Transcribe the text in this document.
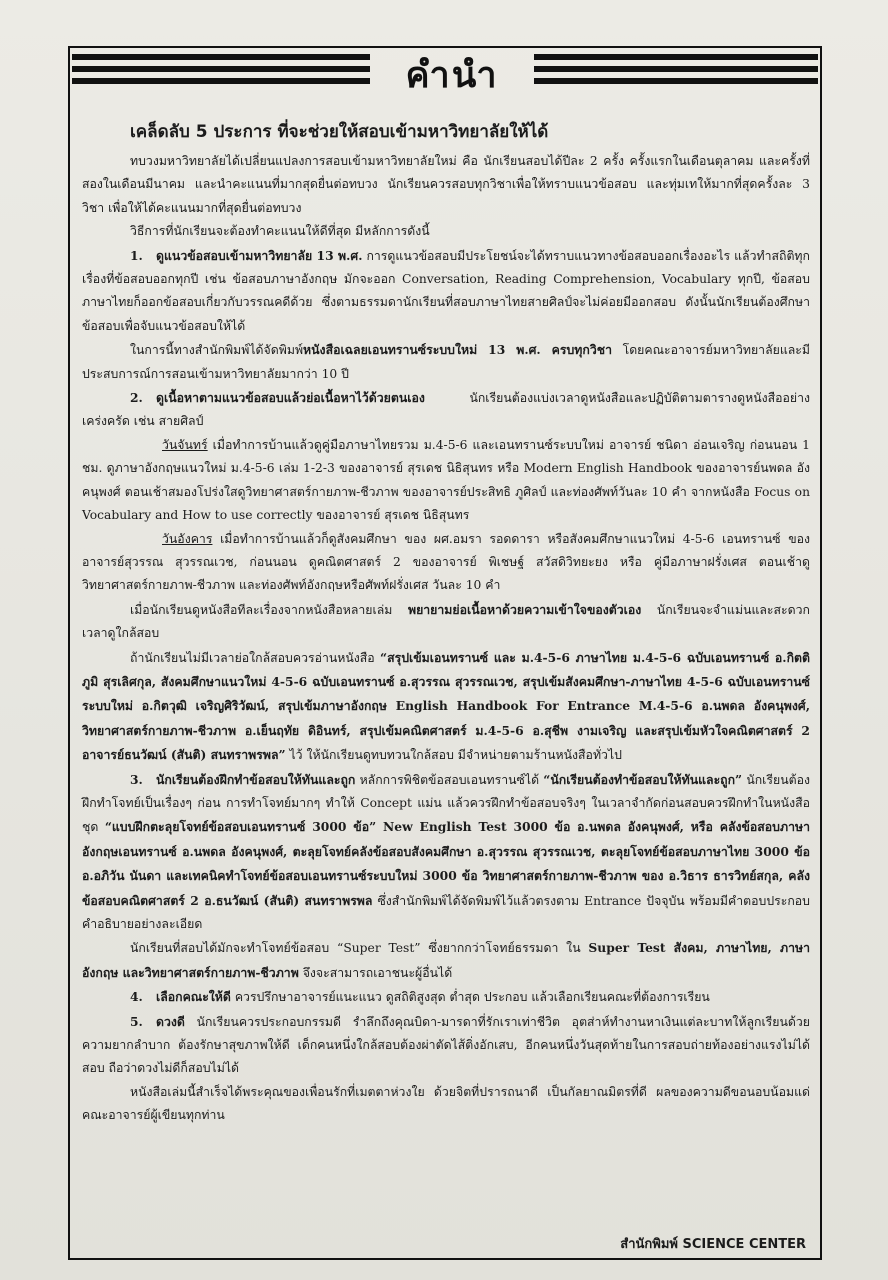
คำนำ
เคล็ดลับ 5 ประการ ที่จะช่วยให้สอบเข้ามหาวิทยาลัยให้ได้

ทบวงมหาวิทยาลัยได้เปลี่ยนแปลงการสอบเข้ามหาวิทยาลัยใหม่ คือ นักเรียนสอบได้ปีละ 2 ครั้ง ครั้งแรกในเดือนตุลาคม และครั้งที่สองในเดือนมีนาคม และนำคะแนนที่มากสุดยื่นต่อทบวง นักเรียนควรสอบทุกวิชาเพื่อให้ทราบแนวข้อสอบ และทุ่มเทให้มากที่สุดครั้งละ 3 วิชา เพื่อให้ได้คะแนนมากที่สุดยื่นต่อทบวง

วิธีการที่นักเรียนจะต้องทำคะแนนให้ดีที่สุด มีหลักการดังนี้

1. ดูแนวข้อสอบเข้ามหาวิทยาลัย 13 พ.ศ. การดูแนวข้อสอบมีประโยชน์จะได้ทราบแนวทางข้อสอบออกเรื่องอะไร แล้วทำสถิติทุกเรื่องที่ข้อสอบออกทุกปี เช่น ข้อสอบภาษาอังกฤษ มักจะออก Conversation, Reading Comprehension, Vocabulary ทุกปี, ข้อสอบภาษาไทยก็ออกข้อสอบเกี่ยวกับวรรณคดีด้วย ซึ่งตามธรรมดานักเรียนที่สอบภาษาไทยสายศิลป์จะไม่ค่อยมีออกสอบ ดังนั้นนักเรียนต้องศึกษาข้อสอบเพื่อจับแนวข้อสอบให้ได้

ในการนี้ทางสำนักพิมพ์ได้จัดพิมพ์หนังสือเฉลยเอนทรานซ์ระบบใหม่ 13 พ.ศ. ครบทุกวิชา โดยคณะอาจารย์มหาวิทยาลัยและมีประสบการณ์การสอนเข้ามหาวิทยาลัยมากว่า 10 ปี

2. ดูเนื้อหาตามแนวข้อสอบแล้วย่อเนื้อหาไว้ด้วยตนเอง นักเรียนต้องแบ่งเวลาดูหนังสือและปฏิบัติตามตารางดูหนังสืออย่างเคร่งครัด เช่น สายศิลป์

วันจันทร์ เมื่อทำการบ้านแล้วดูคู่มือภาษาไทยรวม ม.4-5-6 และเอนทรานซ์ระบบใหม่ อาจารย์ ชนิดา อ่อนเจริญ ก่อนนอน 1 ชม. ดูภาษาอังกฤษแนวใหม่ ม.4-5-6 เล่ม 1-2-3 ของอาจารย์ สุรเดช นิธิสุนทร หรือ Modern English Handbook ของอาจารย์นพดล อังคนุพงศ์ ตอนเช้าสมองโปร่งใสดูวิทยาศาสตร์กายภาพ-ชีวภาพ ของอาจารย์ประสิทธิ ภูศิลป์ และท่องศัพท์วันละ 10 คำ จากหนังสือ Focus on Vocabulary and How to use correctly ของอาจารย์ สุรเดช นิธิสุนทร

วันอังคาร เมื่อทำการบ้านแล้วก็ดูสังคมศึกษา ของ ผศ.อมรา รอดดารา หรือสังคมศึกษาแนวใหม่ 4-5-6 เอนทรานซ์ ของอาจารย์สุวรรณ สุวรรณเวช, ก่อนนอน ดูคณิตศาสตร์ 2 ของอาจารย์ พิเชษฐ์ สวัสดิวิทยะยง หรือ คู่มือภาษาฝรั่งเศส ตอนเช้าดูวิทยาศาสตร์กายภาพ-ชีวภาพ และท่องศัพท์อังกฤษหรือศัพท์ฝรั่งเศส วันละ 10 คำ

เมื่อนักเรียนดูหนังสือทีละเรื่องจากหนังสือหลายเล่ม พยายามย่อเนื้อหาด้วยความเข้าใจของตัวเอง นักเรียนจะจำแม่นและสะดวกเวลาดูใกล้สอบ

ถ้านักเรียนไม่มีเวลาย่อใกล้สอบควรอ่านหนังสือ “สรุปเข้มเอนทรานซ์ และ ม.4-5-6 ภาษาไทย ม.4-5-6 ฉบับเอนทรานซ์ อ.กิตติภูมิ สุรเลิศกุล, สังคมศึกษาแนวใหม่ 4-5-6 ฉบับเอนทรานซ์ อ.สุวรรณ สุวรรณเวช, สรุปเข้มสังคมศึกษา-ภาษาไทย 4-5-6 ฉบับเอนทรานซ์ระบบใหม่ อ.กิตวุฒิ เจริญศิริวัฒน์, สรุปเข้มภาษาอังกฤษ English Handbook For Entrance M.4-5-6 อ.นพดล อังคนุพงศ์, วิทยาศาสตร์กายภาพ-ชีวภาพ อ.เย็นฤทัย ดิอินทร์, สรุปเข้มคณิตศาสตร์ ม.4-5-6 อ.สุชีพ งามเจริญ และสรุปเข้มหัวใจคณิตศาสตร์ 2 อาจารย์ธนวัฒน์ (สันติ) สนทราพรพล” ไว้ ให้นักเรียนดูทบทวนใกล้สอบ มีจำหน่ายตามร้านหนังสือทั่วไป

3. นักเรียนต้องฝึกทำข้อสอบให้ทันและถูก หลักการพิชิตข้อสอบเอนทรานซ์ได้ “นักเรียนต้องทำข้อสอบให้ทันและถูก” นักเรียนต้องฝึกทำโจทย์เป็นเรื่องๆ ก่อน การทำโจทย์มากๆ ทำให้ Concept แม่น แล้วควรฝึกทำข้อสอบจริงๆ ในเวลาจำกัดก่อนสอบควรฝึกทำในหนังสือชุด “แบบฝึกตะลุยโจทย์ข้อสอบเอนทรานซ์ 3000 ข้อ” New English Test 3000 ข้อ อ.นพดล อังคนุพงศ์, หรือ คลังข้อสอบภาษาอังกฤษเอนทรานซ์ อ.นพดล อังคนุพงศ์, ตะลุยโจทย์คลังข้อสอบสังคมศึกษา อ.สุวรรณ สุวรรณเวช, ตะลุยโจทย์ข้อสอบภาษาไทย 3000 ข้อ อ.อภิวัน นันดา และเทคนิคทำโจทย์ข้อสอบเอนทรานซ์ระบบใหม่ 3000 ข้อ วิทยาศาสตร์กายภาพ-ชีวภาพ ของ อ.วิธาร ธารวิทย์สกุล, คลังข้อสอบคณิตศาสตร์ 2 อ.ธนวัฒน์ (สันติ) สนทราพรพล ซึ่งสำนักพิมพ์ได้จัดพิมพ์ไว้แล้วตรงตาม Entrance ปัจจุบัน พร้อมมีคำตอบประกอบคำอธิบายอย่างละเอียด

นักเรียนที่สอบได้มักจะทำโจทย์ข้อสอบ “Super Test” ซึ่งยากกว่าโจทย์ธรรมดา ใน Super Test สังคม, ภาษาไทย, ภาษาอังกฤษ และวิทยาศาสตร์กายภาพ-ชีวภาพ จึงจะสามารถเอาชนะผู้อื่นได้

4. เลือกคณะให้ดี ควรปรึกษาอาจารย์แนะแนว ดูสถิติสูงสุด ต่ำสุด ประกอบ แล้วเลือกเรียนคณะที่ต้องการเรียน

5. ดวงดี นักเรียนควรประกอบกรรมดี รำลึกถึงคุณบิดา-มารดาที่รักเราเท่าชีวิต อุตส่าห์ทำงานหาเงินแต่ละบาทให้ลูกเรียนด้วยความยากลำบาก ต้องรักษาสุขภาพให้ดี เด็กคนหนึ่งใกล้สอบต้องผ่าตัดไส้ติ่งอักเสบ, อีกคนหนึ่งวันสุดท้ายในการสอบถ่ายท้องอย่างแรงไม่ได้สอบ ถือว่าดวงไม่ดีก็สอบไม่ได้

หนังสือเล่มนี้สำเร็จได้พระคุณของเพื่อนรักที่เมตตาห่วงใย ด้วยจิตที่ปรารถนาดี เป็นกัลยาณมิตรที่ดี ผลของความดีขอนอบน้อมแด่คณะอาจารย์ผู้เขียนทุกท่าน

สำนักพิมพ์ SCIENCE CENTER
